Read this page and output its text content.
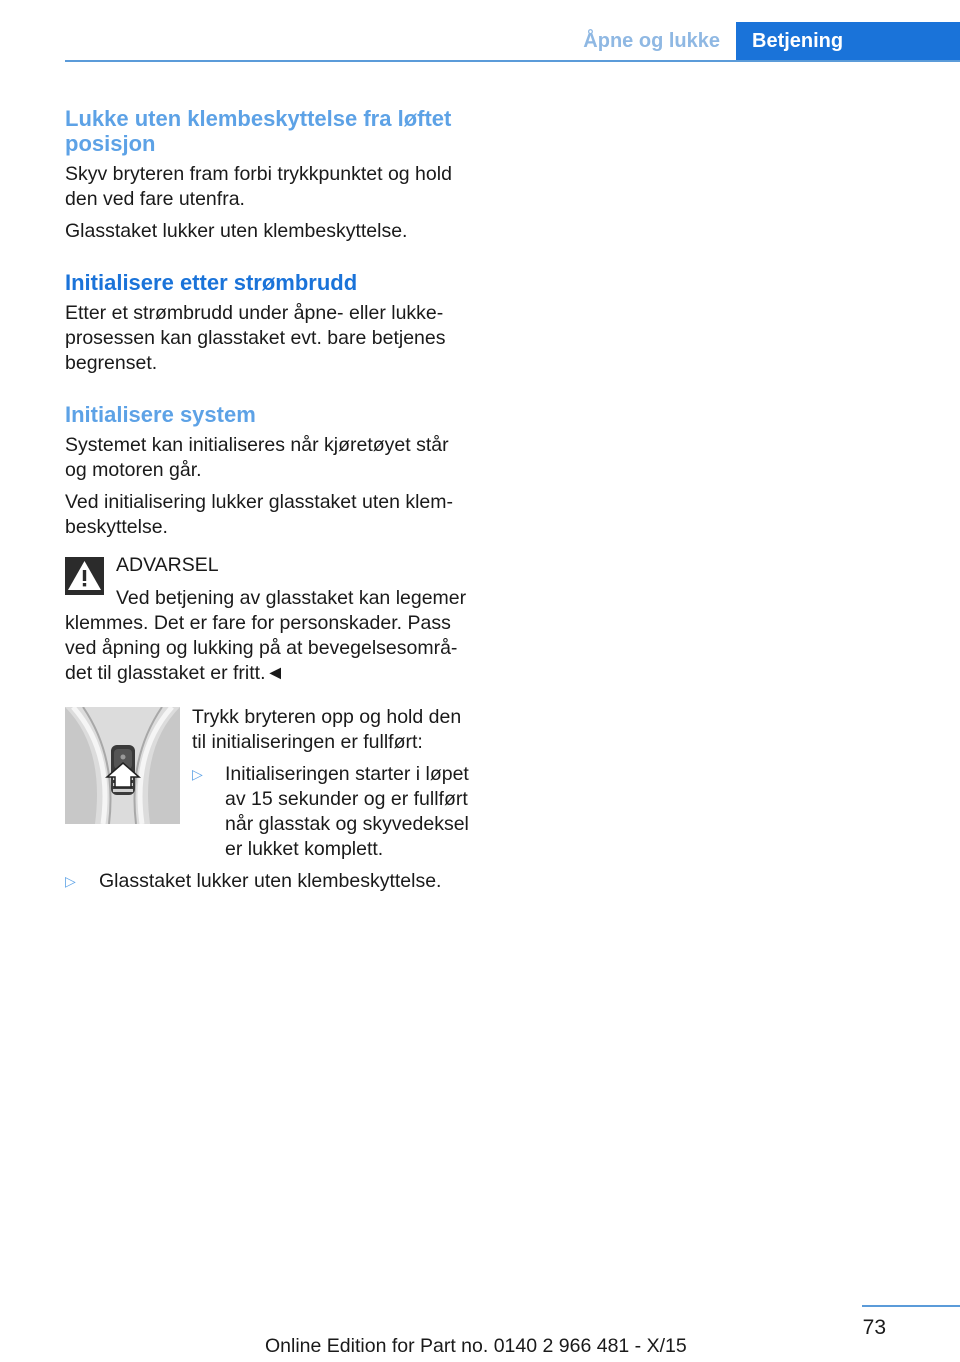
Åpne og lukke	Betjening
Lukke uten klembeskyttelse fra løftet
posisjon
Skyv bryteren fram forbi trykkpunktet og hold
den ved fare utenfra.
Glasstaket lukker uten klembeskyttelse.
Initialisere etter strømbrudd
Etter et strømbrudd under åpne- eller lukke-
prosessen kan glasstaket evt. bare betjenes
begrenset.
Initialisere system
Systemet kan initialiseres når kjøretøyet står
og motoren går.
Ved initialisering lukker glasstaket uten klem-
beskyttelse.
ADVARSEL
Ved betjening av glasstaket kan legemer
klemmes. Det er fare for personskader. Pass
ved åpning og lukking på at bevegelsesområ-
det til glasstaket er fritt.◄
Trykk bryteren opp og hold den
til initialiseringen er fullført:
▷ Initialiseringen starter i løpet
av 15 sekunder og er fullført
når glasstak og skyvedeksel
er lukket komplett.
▷ Glasstaket lukker uten klembeskyttelse.
73
Online Edition for Part no. 0140 2 966 481 - X/15
